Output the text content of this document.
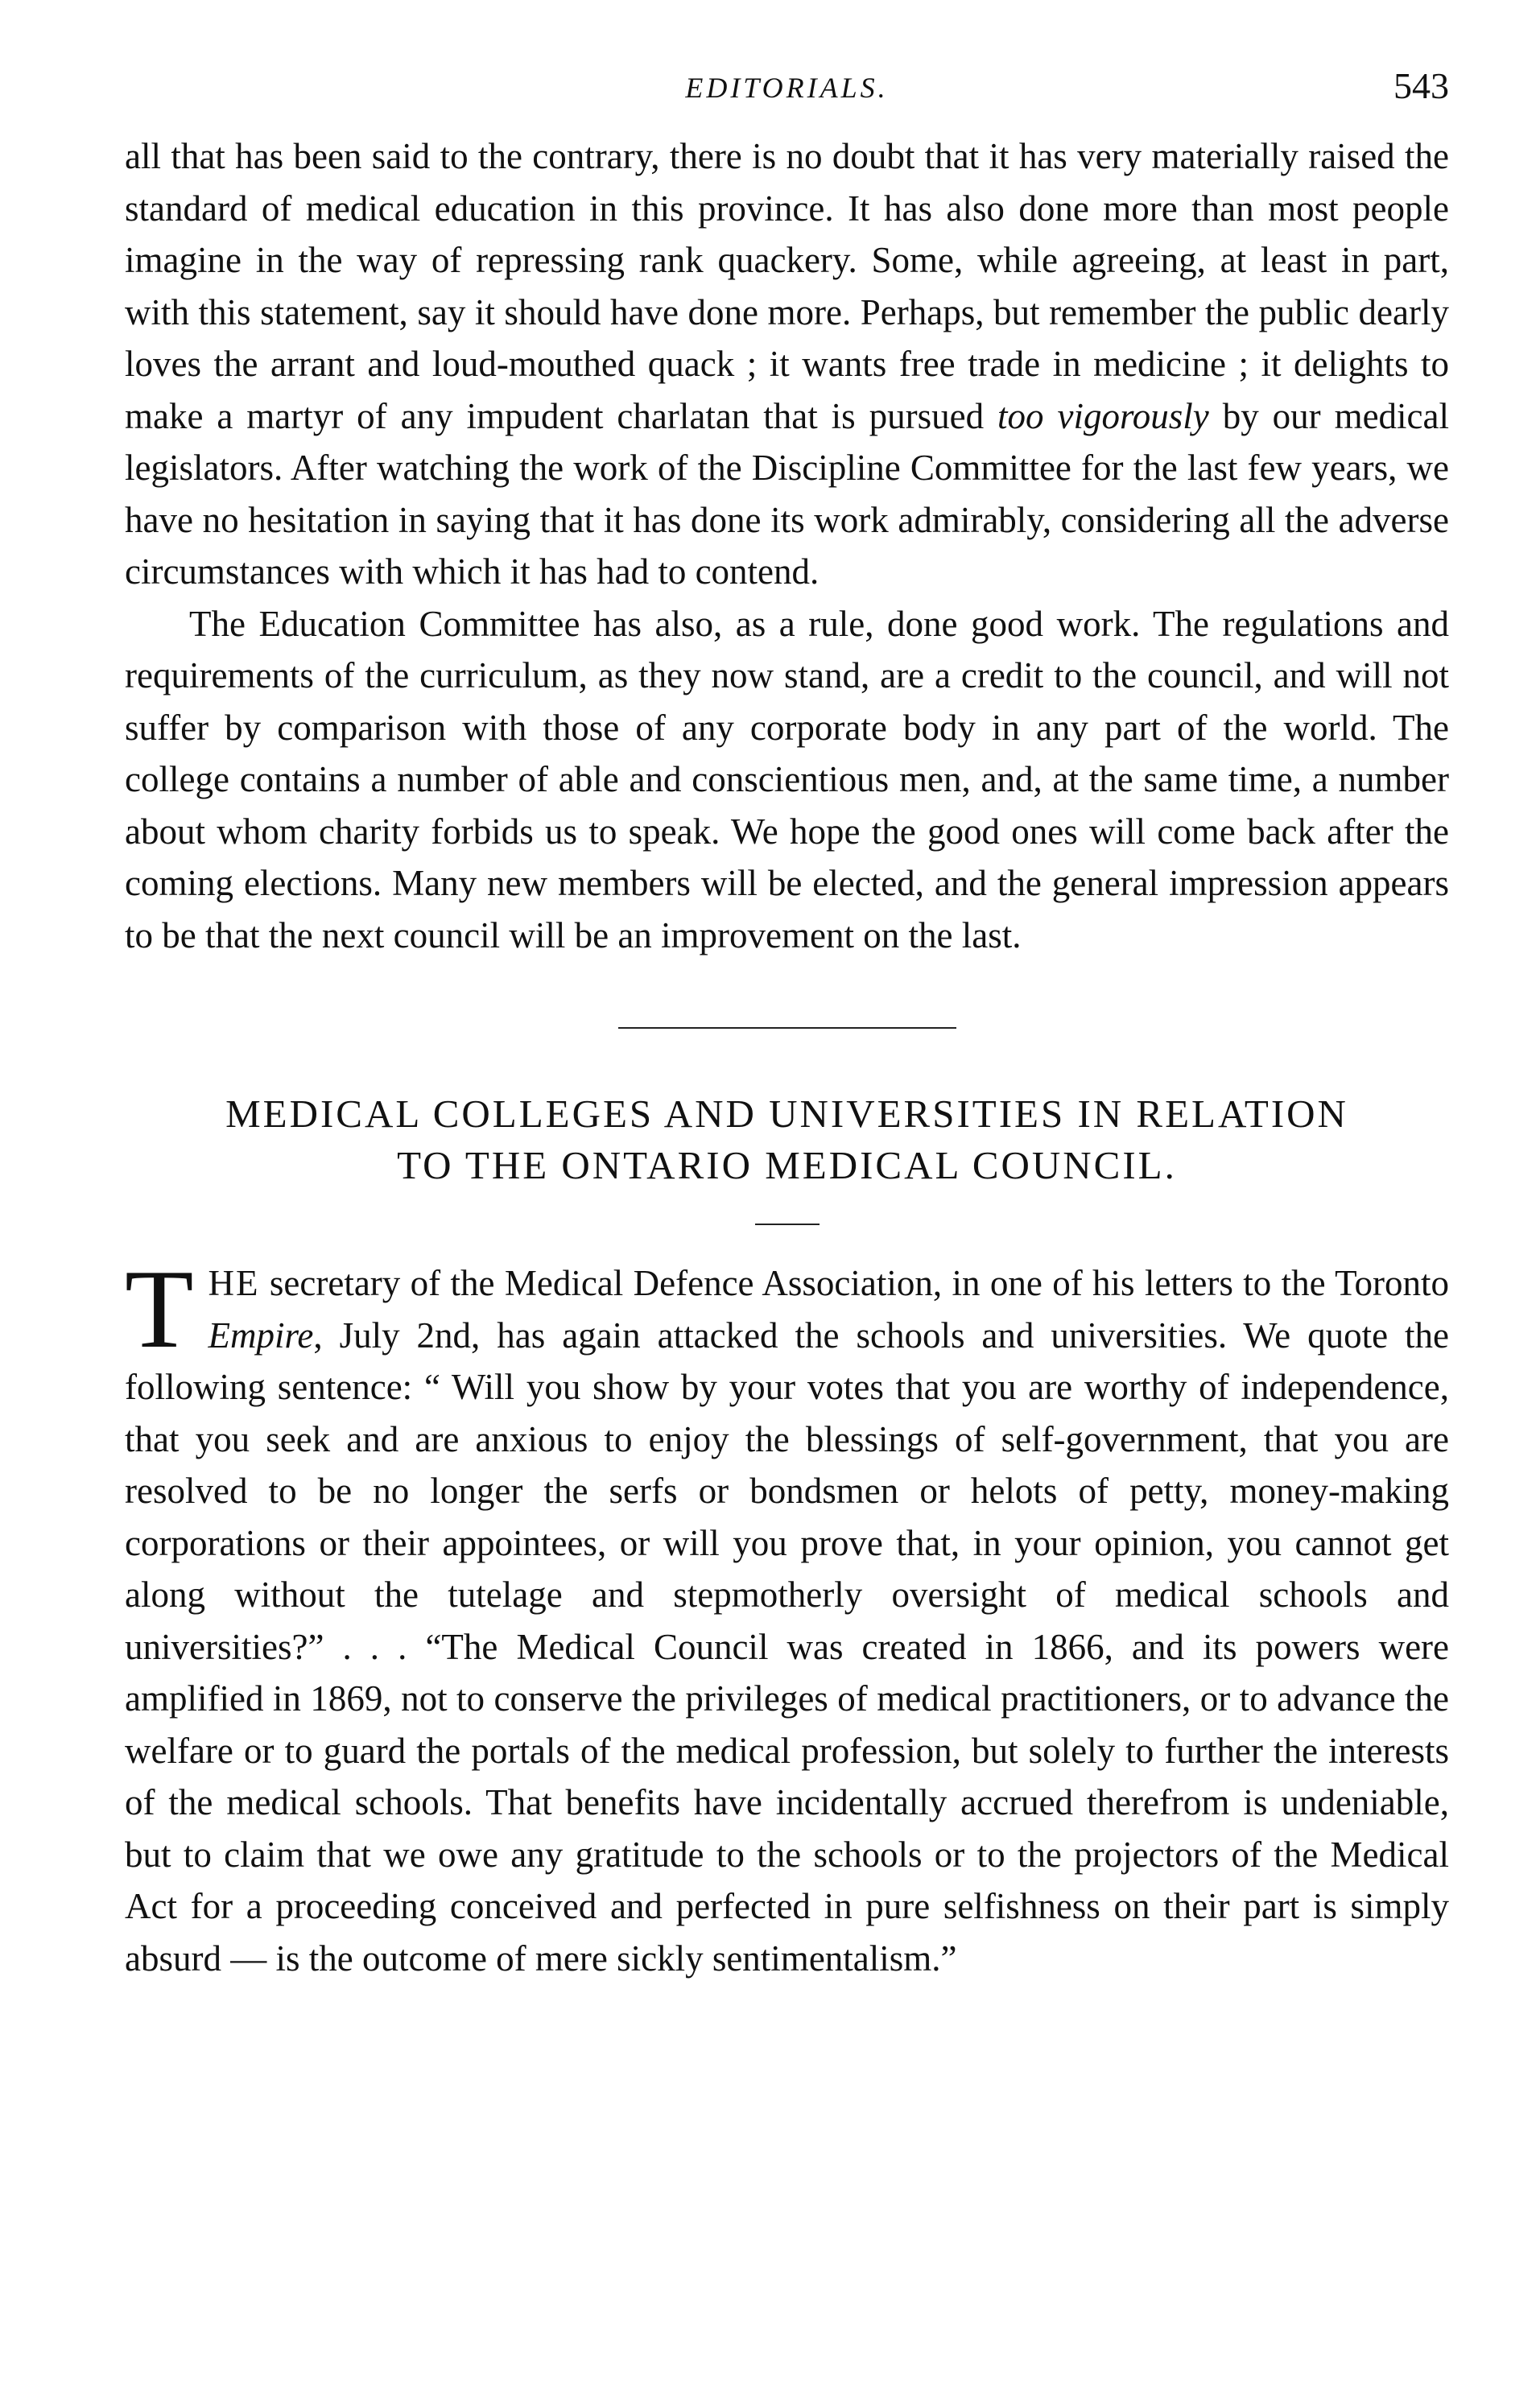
EDITORIALS.	543

all that has been said to the contrary, there is no doubt that it has very materially raised the standard of medical education in this province. It has also done more than most people imagine in the way of repressing rank quackery. Some, while agreeing, at least in part, with this statement, say it should have done more. Perhaps, but remember the public dearly loves the arrant and loud-mouthed quack ; it wants free trade in medicine ; it delights to make a martyr of any impudent charlatan that is pursued too vigorously by our medical legislators. After watching the work of the Discipline Committee for the last few years, we have no hesitation in saying that it has done its work admirably, considering all the adverse circumstances with which it has had to contend.

The Education Committee has also, as a rule, done good work. The regulations and requirements of the curriculum, as they now stand, are a credit to the council, and will not suffer by comparison with those of any corporate body in any part of the world. The college contains a number of able and conscientious men, and, at the same time, a number about whom charity forbids us to speak. We hope the good ones will come back after the coming elections. Many new members will be elected, and the general impression appears to be that the next council will be an improvement on the last.

MEDICAL COLLEGES AND UNIVERSITIES IN RELATION
TO THE ONTARIO MEDICAL COUNCIL.

THE secretary of the Medical Defence Association, in one of his letters to the Toronto Empire, July 2nd, has again attacked the schools and universities. We quote the following sentence: “ Will you show by your votes that you are worthy of independence, that you seek and are anxious to enjoy the blessings of self-government, that you are resolved to be no longer the serfs or bondsmen or helots of petty, money-making corporations or their appointees, or will you prove that, in your opinion, you cannot get along without the tutelage and stepmotherly oversight of medical schools and universities?” . . . “The Medical Council was created in 1866, and its powers were amplified in 1869, not to conserve the privileges of medical practitioners, or to advance the welfare or to guard the portals of the medical profession, but solely to further the interests of the medical schools. That benefits have incidentally accrued therefrom is undeniable, but to claim that we owe any gratitude to the schools or to the projectors of the Medical Act for a proceeding conceived and perfected in pure selfishness on their part is simply absurd — is the outcome of mere sickly sentimentalism.”
